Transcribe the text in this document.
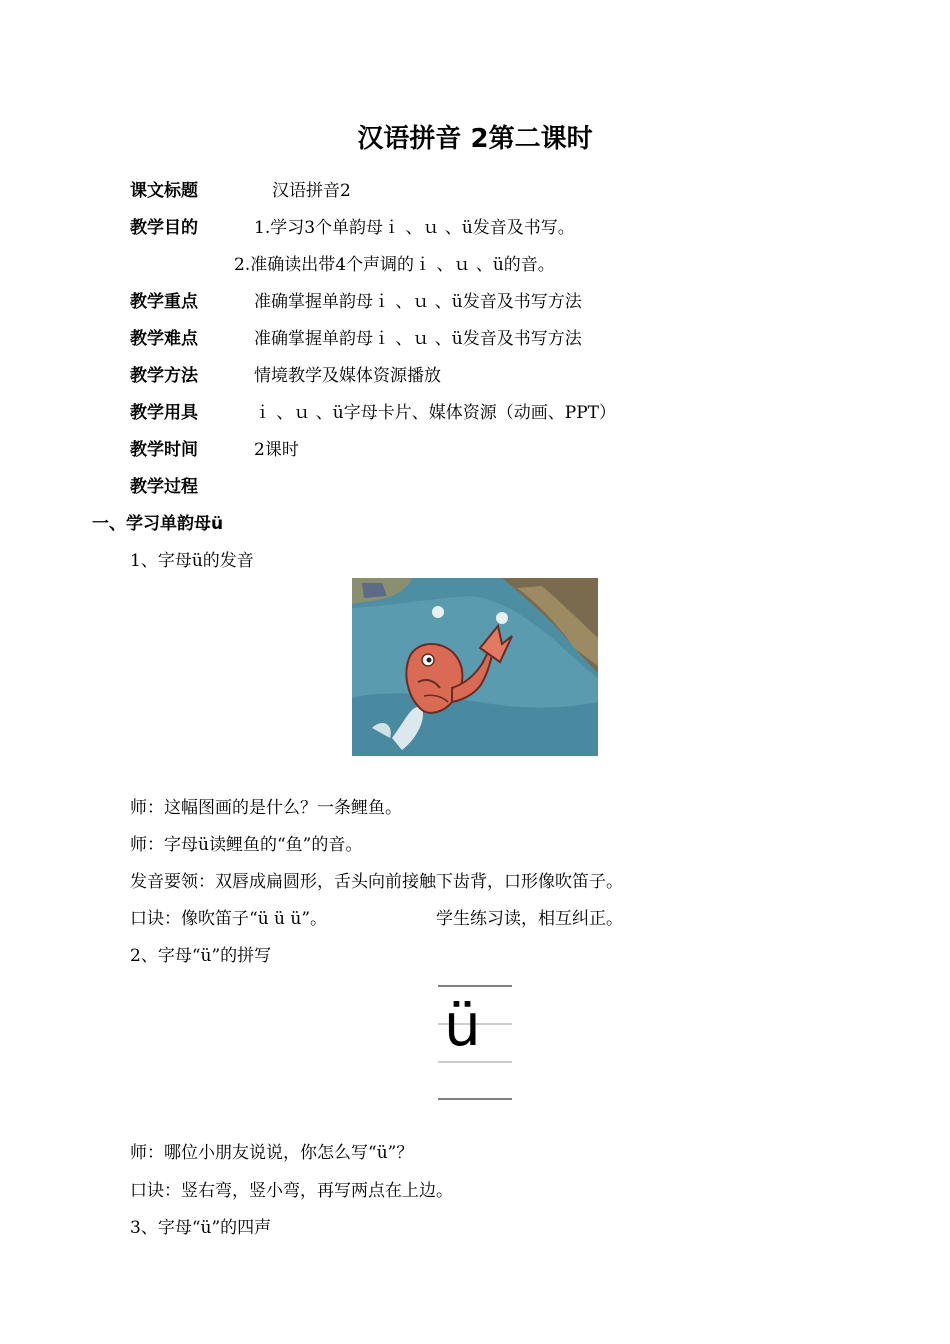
汉语拼音 2第二课时
课文标题	汉语拼音2
教学目的	1.学习3个单韵母ｉ 、ｕ 、ü发音及书写。
2.准确读出带4个声调的ｉ 、ｕ 、ü的音。
教学重点	准确掌握单韵母ｉ 、ｕ 、ü发音及书写方法
教学难点	准确掌握单韵母ｉ 、ｕ 、ü发音及书写方法
教学方法	情境教学及媒体资源播放
教学用具	ｉ 、ｕ 、ü字母卡片、媒体资源（动画、PPT）
教学时间	2课时
教学过程
一、学习单韵母ü
1、字母ü的发音
师：这幅图画的是什么？一条鲤鱼。
师：字母ü读鲤鱼的“鱼”的音。
发音要领：双唇成扁圆形，舌头向前接触下齿背，口形像吹笛子。
口诀：像吹笛子“ü ü ü”。	学生练习读，相互纠正。
2、字母“ü”的拼写
ü
师：哪位小朋友说说，你怎么写“ü”？
口诀：竖右弯，竖小弯，再写两点在上边。
3、字母“ü”的四声
